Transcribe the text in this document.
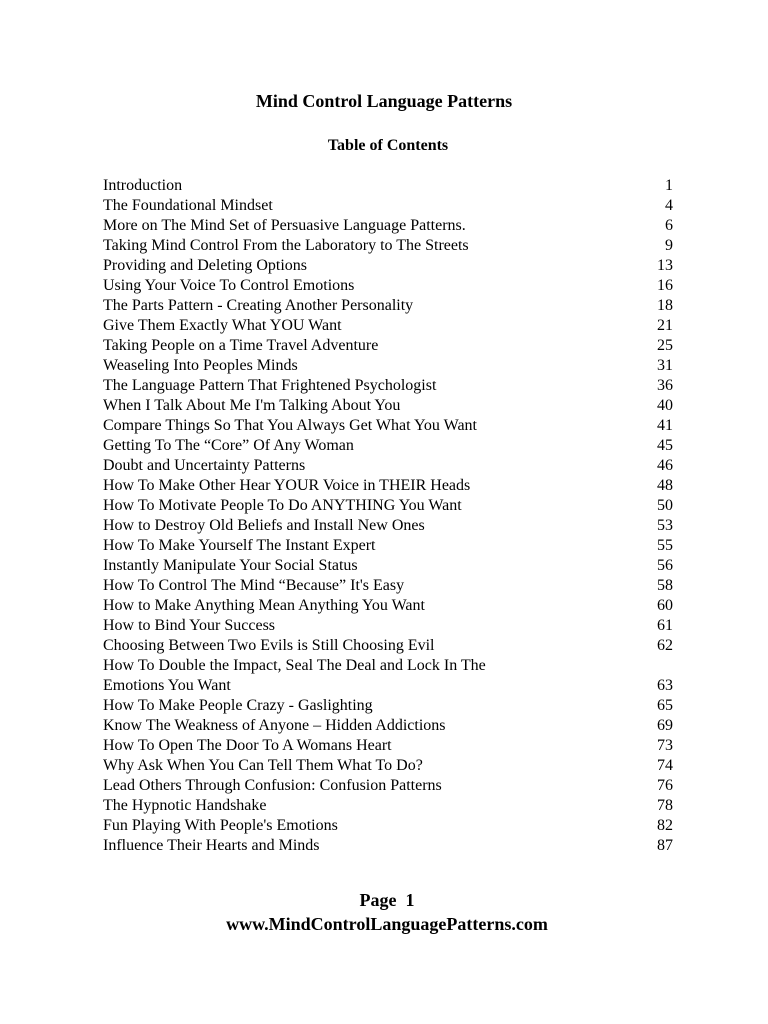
Mind Control Language Patterns
Table of Contents
Introduction	1
The Foundational Mindset	4
More on The Mind Set of Persuasive Language Patterns.	6
Taking Mind Control From the Laboratory to The Streets	9
Providing and Deleting Options	13
Using Your Voice To Control Emotions	16
The Parts Pattern - Creating Another Personality	18
Give Them Exactly What YOU Want	21
Taking People on a Time Travel Adventure	25
Weaseling Into Peoples Minds	31
The Language Pattern That Frightened Psychologist	36
When I Talk About Me I'm Talking About You	40
Compare Things So That You Always Get What You Want	41
Getting To The “Core” Of Any Woman	45
Doubt and Uncertainty Patterns	46
How To Make Other Hear YOUR Voice in THEIR Heads	48
How To Motivate People To Do ANYTHING You Want	50
How to Destroy Old Beliefs and Install New Ones	53
How To Make Yourself The Instant Expert	55
Instantly Manipulate Your Social Status	56
How To Control The Mind “Because” It's Easy	58
How to Make Anything Mean Anything You Want	60
How to Bind Your Success	61
Choosing Between Two Evils is Still Choosing Evil	62
How To Double the Impact, Seal The Deal and Lock In The
Emotions You Want	63
How To Make People Crazy - Gaslighting	65
Know The Weakness of Anyone – Hidden Addictions	69
How To Open The Door To A Womans Heart	73
Why Ask When You Can Tell Them What To Do?	74
Lead Others Through Confusion: Confusion Patterns	76
The Hypnotic Handshake	78
Fun Playing With People's Emotions	82
Influence Their Hearts and Minds	87
Page  1
www.MindControlLanguagePatterns.com
